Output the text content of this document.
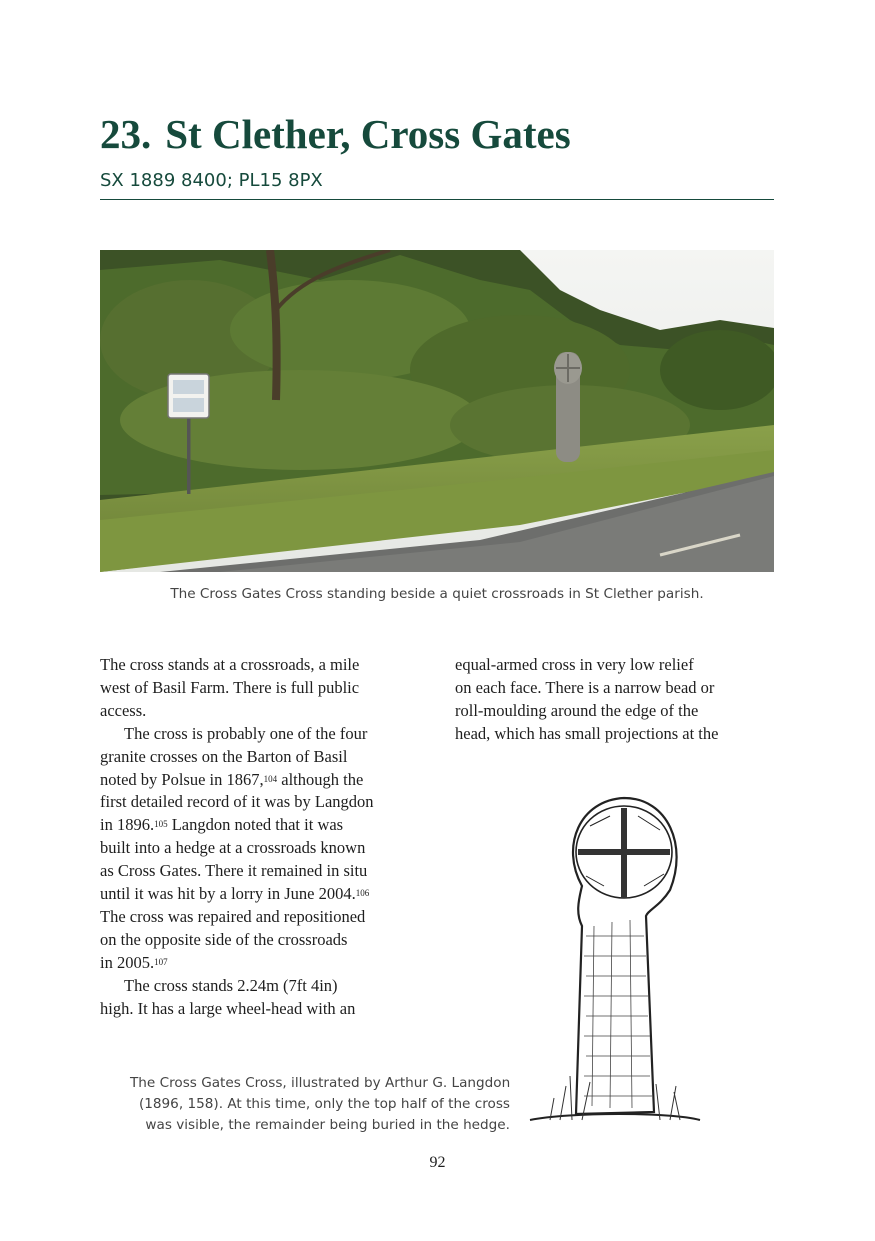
23. St Clether, Cross Gates
SX 1889 8400; PL15 8PX
The Cross Gates Cross standing beside a quiet crossroads in St Clether parish.

The cross stands at a crossroads, a mile

west of Basil Farm. There is full public

access.

The cross is probably one of the four

granite crosses on the Barton of Basil

noted by Polsue in 1867,$^{104}$ although the

first detailed record of it was by Langdon

in 1896.$^{105}$ Langdon noted that it was

built into a hedge at a crossroads known

as Cross Gates. There it remained in situ

until it was hit by a lorry in June 2004.$^{106}$

The cross was repaired and repositioned

on the opposite side of the crossroads

in 2005.$^{107}$

The cross stands 2.24m (7ft 4in)

high. It has a large wheel-head with an

equal-armed cross in very low relief

on each face. There is a narrow bead or

roll-moulding around the edge of the

head, which has small projections at the

The Cross Gates Cross, illustrated by Arthur G. Langdon
(1896, 158). At this time, only the top half of the cross
was visible, the remainder being buried in the hedge.
92
